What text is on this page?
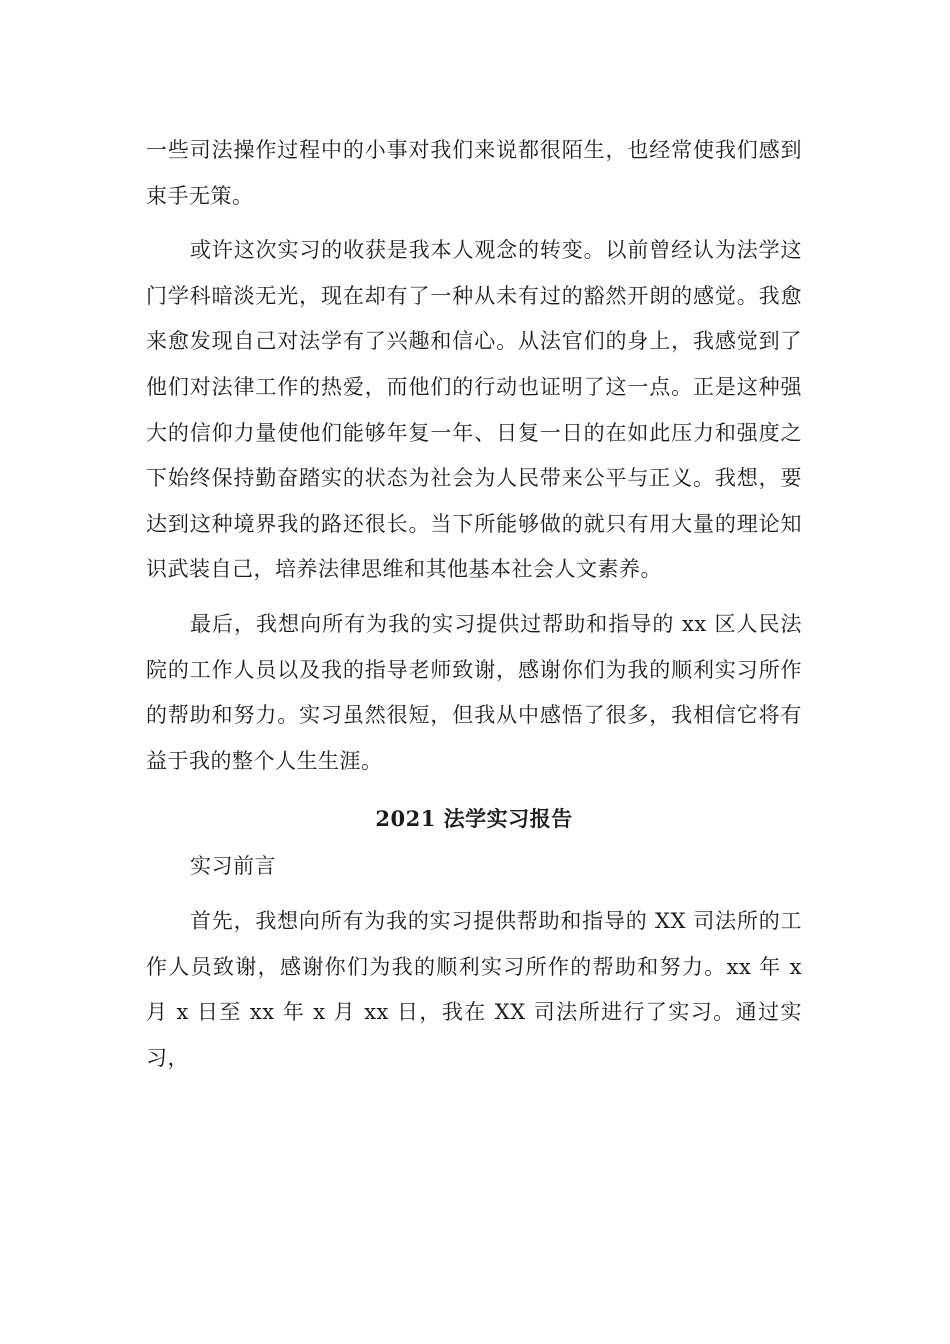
一些司法操作过程中的小事对我们来说都很陌生，也经常使我们感到束手无策。

或许这次实习的收获是我本人观念的转变。以前曾经认为法学这门学科暗淡无光，现在却有了一种从未有过的豁然开朗的感觉。我愈来愈发现自己对法学有了兴趣和信心。从法官们的身上，我感觉到了他们对法律工作的热爱，而他们的行动也证明了这一点。正是这种强大的信仰力量使他们能够年复一年、日复一日的在如此压力和强度之下始终保持勤奋踏实的状态为社会为人民带来公平与正义。我想，要达到这种境界我的路还很长。当下所能够做的就只有用大量的理论知识武装自己，培养法律思维和其他基本社会人文素养。

最后，我想向所有为我的实习提供过帮助和指导的 xx 区人民法院的工作人员以及我的指导老师致谢，感谢你们为我的顺利实习所作的帮助和努力。实习虽然很短，但我从中感悟了很多，我相信它将有益于我的整个人生生涯。

2021 法学实习报告

实习前言

首先，我想向所有为我的实习提供帮助和指导的 XX 司法所的工作人员致谢，感谢你们为我的顺利实习所作的帮助和努力。xx 年 x 月 x 日至 xx 年 x 月 xx 日，我在 XX 司法所进行了实习。通过实习，
